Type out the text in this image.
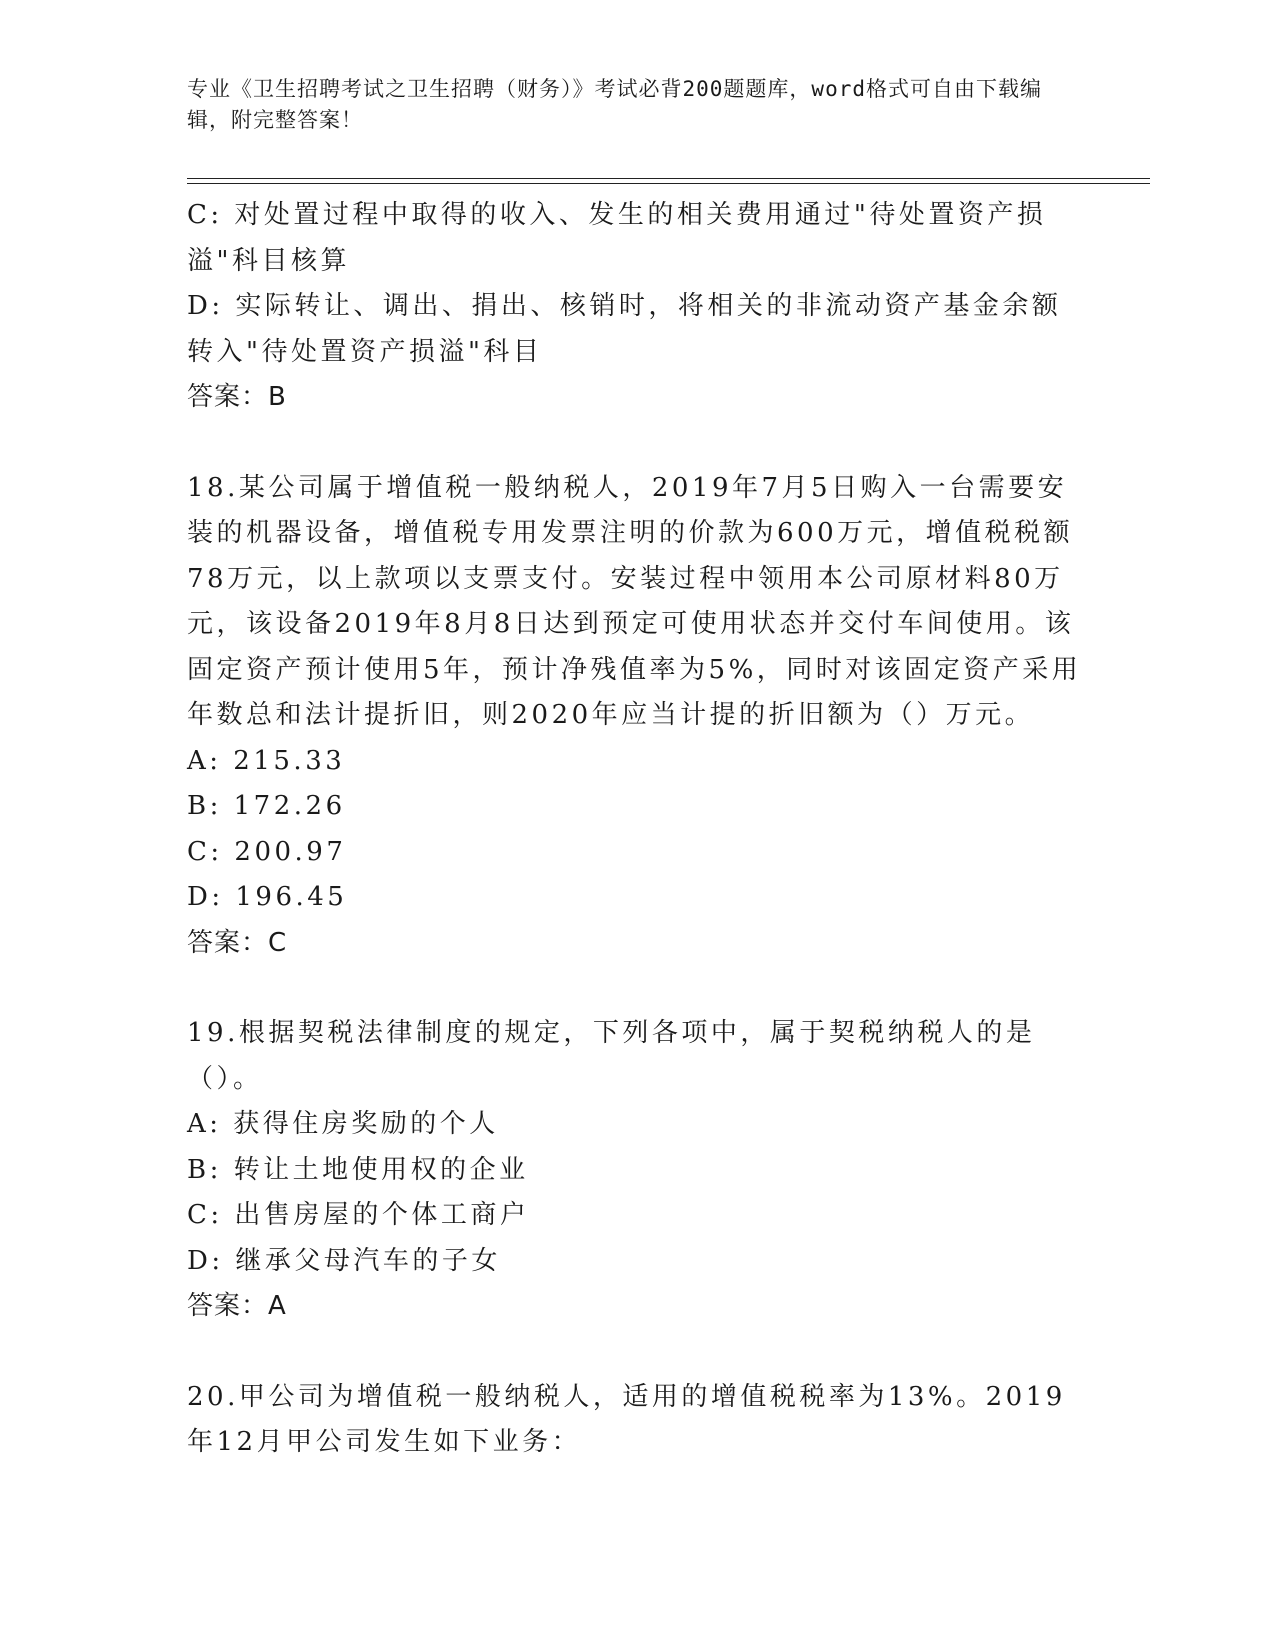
专业《卫生招聘考试之卫生招聘（财务）》考试必背200题题库，word格式可自由下载编辑，附完整答案！

C: 对处置过程中取得的收入、发生的相关费用通过"待处置资产损溢"科目核算

D: 实际转让、调出、捐出、核销时，将相关的非流动资产基金余额转入"待处置资产损溢"科目

答案：B

18.某公司属于增值税一般纳税人，2019年7月5日购入一台需要安装的机器设备，增值税专用发票注明的价款为600万元，增值税税额78万元，以上款项以支票支付。安装过程中领用本公司原材料80万元，该设备2019年8月8日达到预定可使用状态并交付车间使用。该固定资产预计使用5年，预计净残值率为5%，同时对该固定资产采用年数总和法计提折旧，则2020年应当计提的折旧额为（）万元。

A: 215.33

B: 172.26

C: 200.97

D: 196.45

答案：C

19.根据契税法律制度的规定，下列各项中，属于契税纳税人的是（）。

A: 获得住房奖励的个人

B: 转让土地使用权的企业

C: 出售房屋的个体工商户

D: 继承父母汽车的子女

答案：A

20.甲公司为增值税一般纳税人，适用的增值税税率为13%。2019年12月甲公司发生如下业务：
